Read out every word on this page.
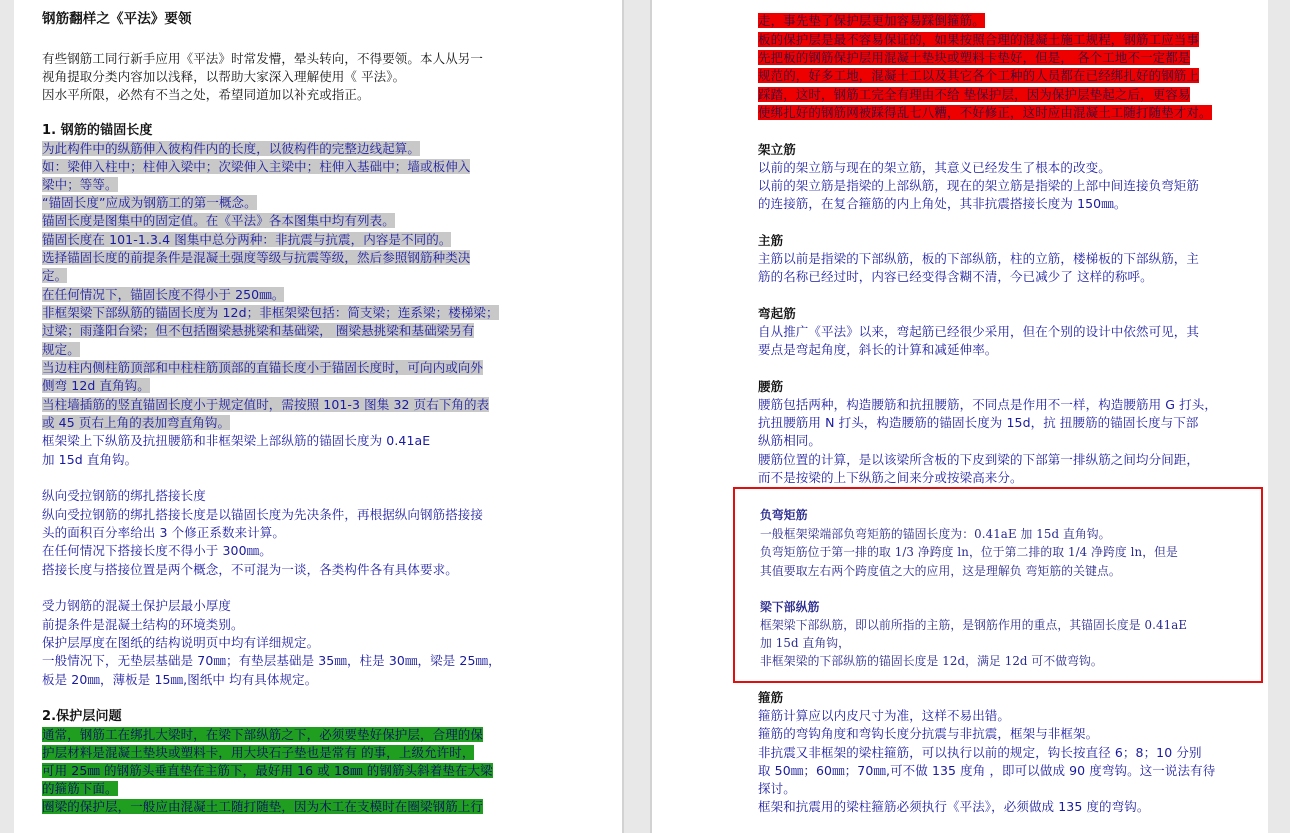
钢筋翻样之《平法》要领
有些钢筋工同行新手应用《平法》时常发懵，晕头转向，不得要领。本人从另一
视角提取分类内容加以浅释，以帮助大家深入理解使用《 平法》。
因水平所限，必然有不当之处，希望同道加以补充或指正。
1. 钢筋的锚固长度
为此构件中的纵筋伸入彼构件内的长度，以彼构件的完整边线起算。
如：梁伸入柱中；柱伸入梁中；次梁伸入主梁中；柱伸入基础中；墙或板伸入
梁中；等等。
“锚固长度”应成为钢筋工的第一概念。
锚固长度是图集中的固定值。在《平法》各本图集中均有列表。
锚固长度在 101-1.3.4 图集中总分两种：非抗震与抗震，内容是不同的。
选择锚固长度的前提条件是混凝土强度等级与抗震等级，然后参照钢筋种类决
定。
在任何情况下，锚固长度不得小于 250㎜。
非框架梁下部纵筋的锚固长度为 12d；非框架梁包括：简支梁；连系梁；楼梯梁；
过梁；雨蓬阳台梁；但不包括圈梁悬挑梁和基础梁， 圈梁悬挑梁和基础梁另有
规定。
当边柱内侧柱筋顶部和中柱柱筋顶部的直锚长度小于锚固长度时，可向内或向外
侧弯 12d 直角钩。
当柱墙插筋的竖直锚固长度小于规定值时，需按照 101-3 图集 32 页右下角的表
或 45 页右上角的表加弯直角钩。
框架梁上下纵筋及抗扭腰筋和非框架梁上部纵筋的锚固长度为 0.41aE
加 15d 直角钩。
纵向受拉钢筋的绑扎搭接长度
纵向受拉钢筋的绑扎搭接长度是以锚固长度为先决条件，再根据纵向钢筋搭接接
头的面积百分率给出 3 个修正系数来计算。
在任何情况下搭接长度不得小于 300㎜。
搭接长度与搭接位置是两个概念，不可混为一谈，各类构件各有具体要求。
受力钢筋的混凝土保护层最小厚度
前提条件是混凝土结构的环境类别。
保护层厚度在图纸的结构说明页中均有详细规定。
一般情况下，无垫层基础是 70㎜；有垫层基础是 35㎜，柱是 30㎜，梁是 25㎜，
板是 20㎜，薄板是 15㎜,图纸中 均有具体规定。
2.保护层问题
通常，钢筋工在绑扎大梁时，在梁下部纵筋之下，必须要垫好保护层，合理的保
护层材料是混凝土垫块或塑料卡，用大块石子垫也是常有 的事，上级允许时，
可用 25㎜ 的钢筋头垂直垫在主筋下，最好用 16 或 18㎜ 的钢筋头斜着垫在大梁
的箍筋下面。
圈梁的保护层，一般应由混凝土工随打随垫，因为木工在支模时在圈梁钢筋上行
走，事先垫了保护层更加容易踩倒箍筋。
板的保护层是最不容易保证的，如果按照合理的混凝土施工规程，钢筋工应当事
先把板的钢筋保护层用混凝土垫块或塑料卡垫好，但是， 各个工地不一定都是
规范的，好多工地，混凝土工以及其它各个工种的人员都在已经绑扎好的钢筋上
踩踏，这时，钢筋工完全有理由不给 垫保护层，因为保护层垫起之后，更容易
使绑扎好的钢筋网被踩得乱七八糟，不好修正，这时应由混凝土工随打随垫才对。
架立筋
以前的架立筋与现在的架立筋，其意义已经发生了根本的改变。
以前的架立筋是指梁的上部纵筋，现在的架立筋是指梁的上部中间连接负弯矩筋
的连接筋，在复合箍筋的内上角处，其非抗震搭接长度为 150㎜。
主筋
主筋以前是指梁的下部纵筋，板的下部纵筋，柱的立筋，楼梯板的下部纵筋，主
筋的名称已经过时，内容已经变得含糊不清，今已减少了 这样的称呼。
弯起筋
自从推广《平法》以来，弯起筋已经很少采用，但在个别的设计中依然可见，其
要点是弯起角度，斜长的计算和减延伸率。
腰筋
腰筋包括两种，构造腰筋和抗扭腰筋，不同点是作用不一样，构造腰筋用 G 打头，
抗扭腰筋用 N 打头，构造腰筋的锚固长度为 15d，抗 扭腰筋的锚固长度与下部
纵筋相同。
腰筋位置的计算，是以该梁所含板的下皮到梁的下部第一排纵筋之间均分间距，
而不是按梁的上下纵筋之间来分或按梁高来分。
负弯矩筋
一般框架梁端部负弯矩筋的锚固长度为：0.41aE 加 15d 直角钩。
负弯矩筋位于第一排的取 1/3 净跨度 ln，位于第二排的取 1/4 净跨度 ln，但是
其值要取左右两个跨度值之大的应用，这是理解负 弯矩筋的关键点。
梁下部纵筋
框架梁下部纵筋，即以前所指的主筋，是钢筋作用的重点，其锚固长度是 0.41aE
加 15d 直角钩，
非框架梁的下部纵筋的锚固长度是 12d，满足 12d 可不做弯钩。
箍筋
箍筋计算应以内皮尺寸为准，这样不易出错。
箍筋的弯钩角度和弯钩长度分抗震与非抗震，框架与非框架。
非抗震又非框架的梁柱箍筋，可以执行以前的规定，钩长按直径 6；8；10 分别
取 50㎜；60㎜；70㎜,可不做 135 度角 ，即可以做成 90 度弯钩。这一说法有待
探讨。
框架和抗震用的梁柱箍筋必须执行《平法》，必须做成 135 度的弯钩。
